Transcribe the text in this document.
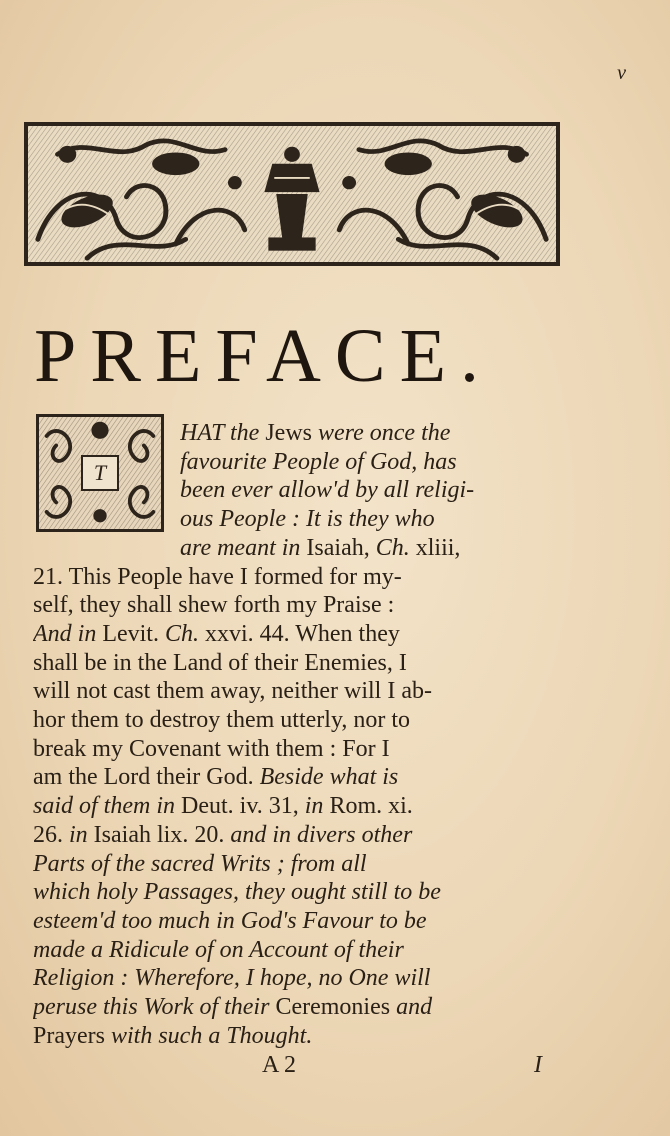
v
PREFACE.
T
HAT the Jews were once the
favourite People of God, has
been ever allow'd by all religi-
ous People : It is they who
are meant in Isaiah, Ch. xliii,
21. This People have I formed for my-
self, they shall shew forth my Praise :
And in Levit. Ch. xxvi. 44. When they
shall be in the Land of their Enemies, I
will not cast them away, neither will I ab-
hor them to destroy them utterly, nor to
break my Covenant with them : For I
am the Lord their God. Beside what is
said of them in Deut. iv. 31, in Rom. xi.
26. in Isaiah lix. 20. and in divers other
Parts of the sacred Writs ; from all
which holy Passages, they ought still to be
esteem'd too much in God's Favour to be
made a Ridicule of on Account of their
Religion : Wherefore, I hope, no One will
peruse this Work of their Ceremonies and
Prayers with such a Thought.
A 2	I
